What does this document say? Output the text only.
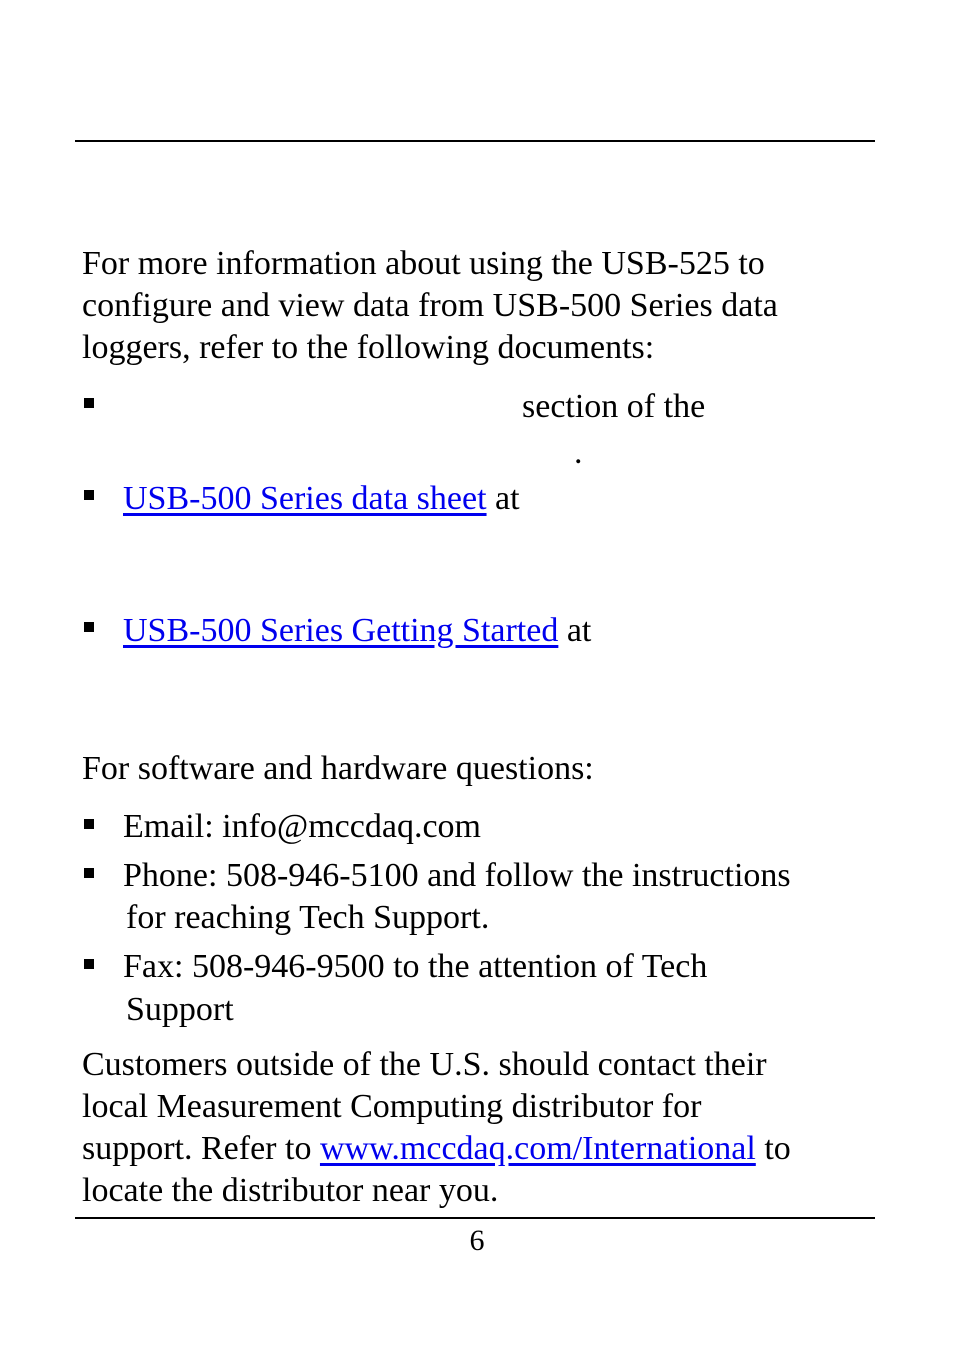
For more information about using the USB-525 to configure and view data from USB-500 Series data loggers, refer to the following documents:

section of the

.

USB-500 Series data sheet at

USB-500 Series Getting Started at

For software and hardware questions:

Email: info@mccdaq.com

Phone: 508-946-5100 and follow the instructions

for reaching Tech Support.

Fax: 508-946-9500 to the attention of Tech

Support

Customers outside of the U.S. should contact their
local Measurement Computing distributor for
support. Refer to www.mccdaq.com/International to
locate the distributor near you.

6
